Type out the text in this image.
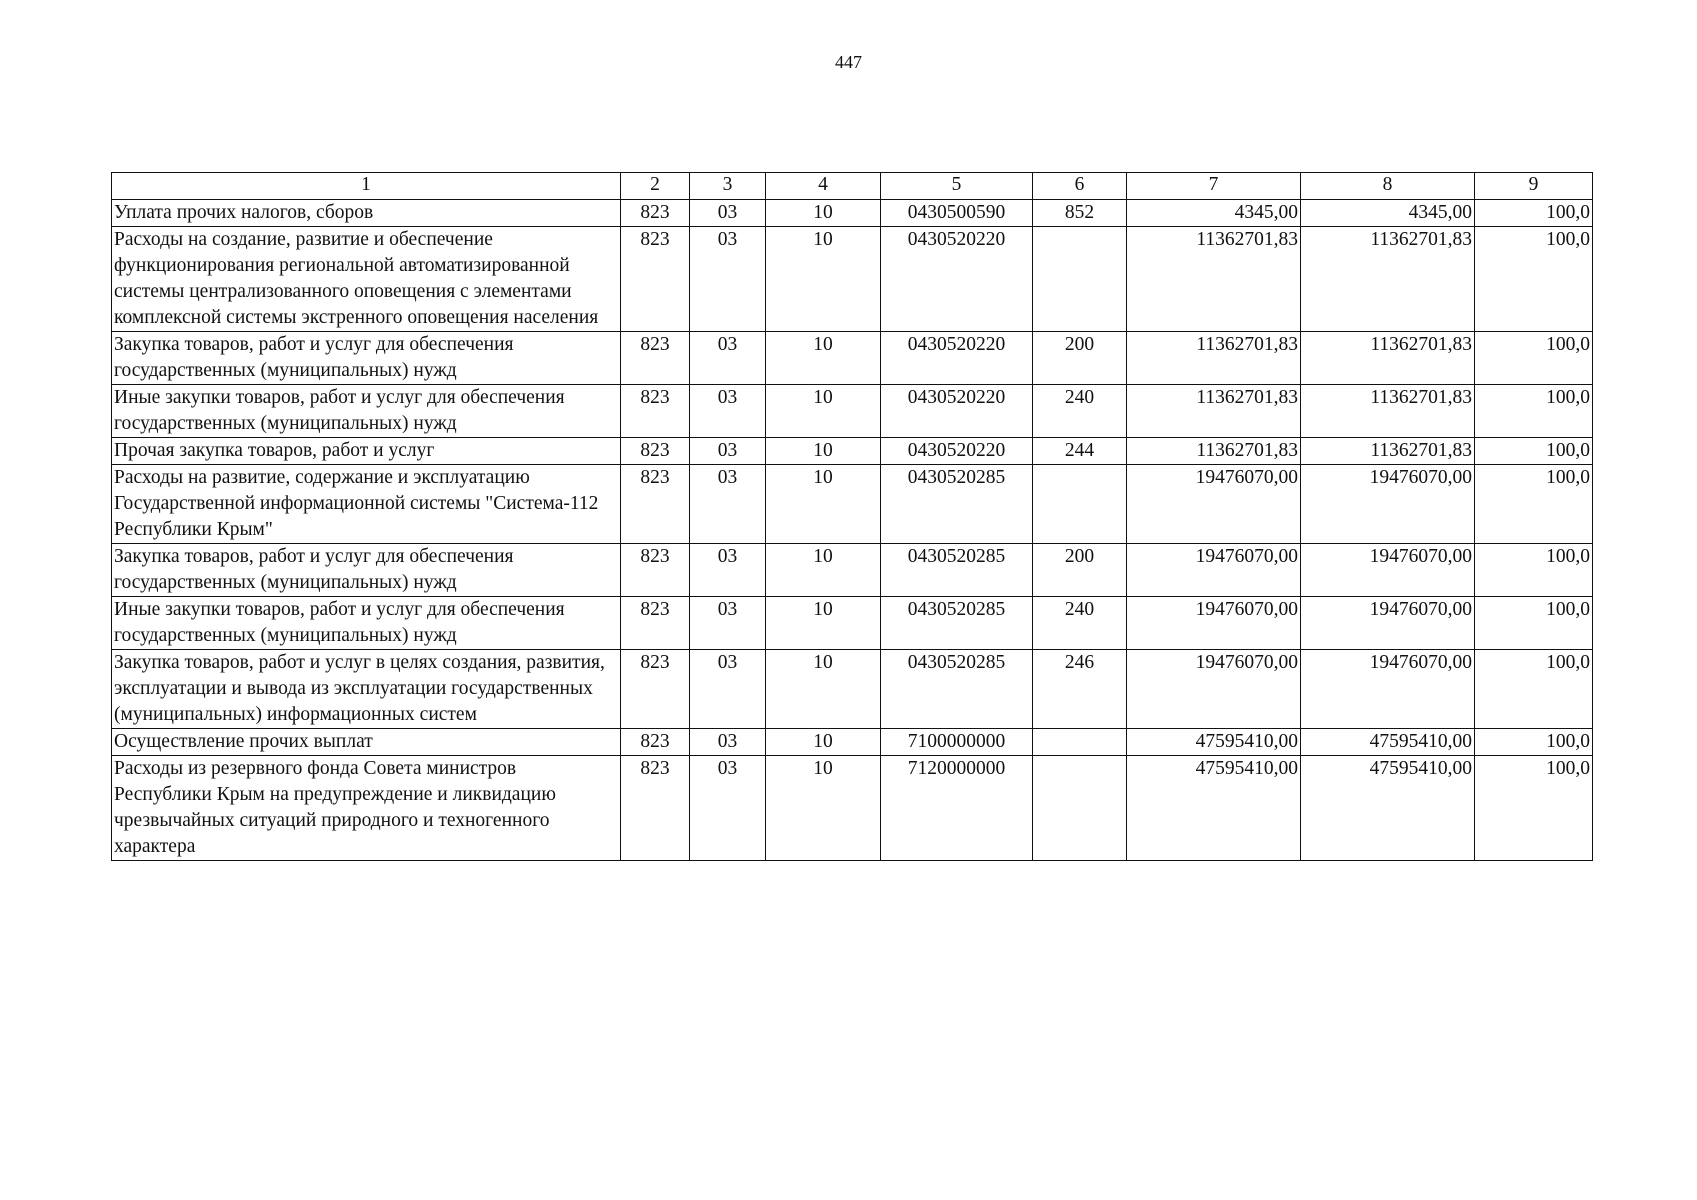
447
1	2	3	4	5	6	7	8	9
Уплата прочих налогов, сборов	823	03	10	0430500590	852	4345,00	4345,00	100,0
Расходы на создание, развитие и обеспечение функционирования региональной автоматизированной системы централизованного оповещения с элементами комплексной системы экстренного оповещения населения	823	03	10	0430520220		11362701,83	11362701,83	100,0
Закупка товаров, работ и услуг для обеспечения государственных (муниципальных) нужд	823	03	10	0430520220	200	11362701,83	11362701,83	100,0
Иные закупки товаров, работ и услуг для обеспечения государственных (муниципальных) нужд	823	03	10	0430520220	240	11362701,83	11362701,83	100,0
Прочая закупка товаров, работ и услуг	823	03	10	0430520220	244	11362701,83	11362701,83	100,0
Расходы на развитие, содержание и эксплуатацию Государственной информационной системы "Система-112 Республики Крым"	823	03	10	0430520285		19476070,00	19476070,00	100,0
Закупка товаров, работ и услуг для обеспечения государственных (муниципальных) нужд	823	03	10	0430520285	200	19476070,00	19476070,00	100,0
Иные закупки товаров, работ и услуг для обеспечения государственных (муниципальных) нужд	823	03	10	0430520285	240	19476070,00	19476070,00	100,0
Закупка товаров, работ и услуг в целях создания, развития, эксплуатации и вывода из эксплуатации государственных (муниципальных) информационных систем	823	03	10	0430520285	246	19476070,00	19476070,00	100,0
Осуществление прочих выплат	823	03	10	7100000000		47595410,00	47595410,00	100,0
Расходы из резервного фонда Совета министров Республики Крым на предупреждение и ликвидацию чрезвычайных ситуаций природного и техногенного характера	823	03	10	7120000000		47595410,00	47595410,00	100,0
